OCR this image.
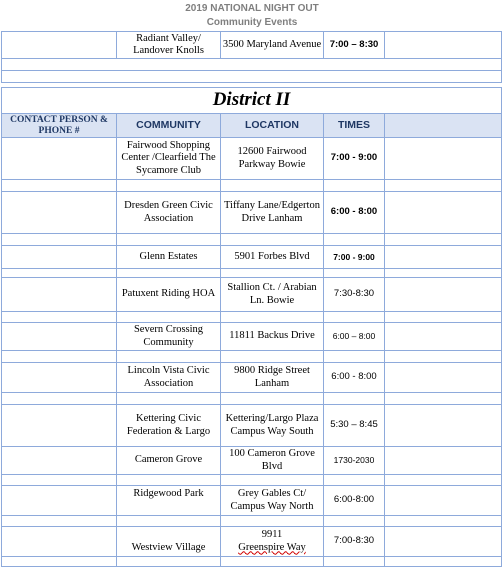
2019 NATIONAL NIGHT OUT
Community Events
	Radiant Valley/ Landover Knolls	3500 Maryland Avenue	7:00 – 8:30	

District II				
CONTACT PERSON & PHONE #	COMMUNITY	LOCATION	TIMES	
	Fairwood Shopping Center /Clearfield The Sycamore Club	12600 Fairwood Parkway Bowie	7:00 - 9:00	

	Dresden Green Civic Association	Tiffany Lane/Edgerton Drive Lanham	6:00 - 8:00	

	Glenn Estates	5901 Forbes Blvd	7:00 - 9:00	

	Patuxent Riding HOA	Stallion Ct. / Arabian Ln. Bowie	7:30-8:30	

	Severn Crossing Community	11811 Backus Drive	6:00 – 8:00	

	Lincoln Vista Civic Association	9800 Ridge Street Lanham	6:00 - 8:00	

	Kettering Civic Federation & Largo	Kettering/Largo Plaza Campus Way South	5:30 – 8:45	
	Cameron Grove	100 Cameron Grove Blvd	1730-2030	

	Ridgewood Park	Grey Gables Ct/ Campus Way North	6:00-8:00	

	Westview Village	9911
Greenspire Way	7:00-8:30	
